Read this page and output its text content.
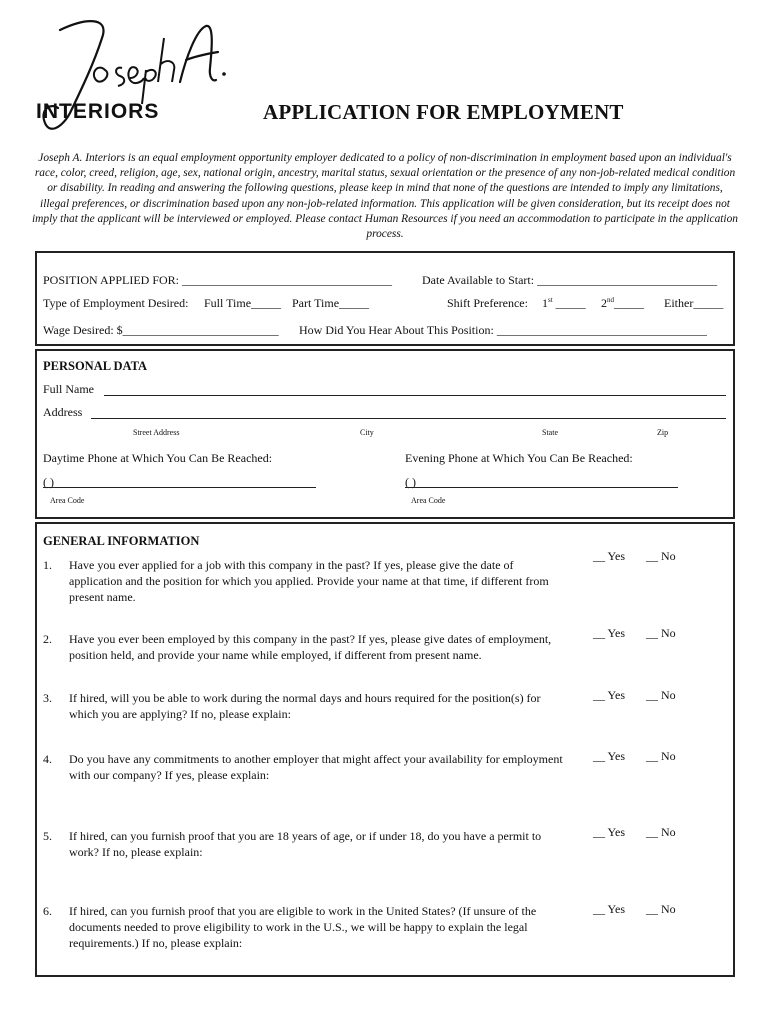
INTERIORS	APPLICATION FOR EMPLOYMENT
Joseph A. Interiors is an equal employment opportunity employer dedicated to a policy of non-discrimination in employment based upon an individual's race, color, creed, religion, age, sex, national origin, ancestry, marital status, sexual orientation or the presence of any non-job-related medical condition or disability. In reading and answering the following questions, please keep in mind that none of the questions are intended to imply any limitations, illegal preferences, or discrimination based upon any non-job-related information. This application will be given consideration, but its receipt does not imply that the applicant will be interviewed or employed. Please contact Human Resources if you need an accommodation to participate in the application process.
POSITION APPLIED FOR: ___________________________________ Date Available to Start: ______________________________
Type of Employment Desired: Full Time_____ Part Time_____	Shift Preference: 1st _____ 2nd_____ Either_____
Wage Desired: $__________________________ How Did You Hear About This Position: ___________________________________
PERSONAL DATA
Full Name
Address
Street Address	City	State	Zip
Daytime Phone at Which You Can Be Reached:	Evening Phone at Which You Can Be Reached:
( )	( )
Area Code	Area Code
GENERAL INFORMATION
1. Have you ever applied for a job with this company in the past? If yes, please give the date of application and the position for which you applied. Provide your name at that time, if different from present name.
__ Yes __ No
2. Have you ever been employed by this company in the past? If yes, please give dates of employment, position held, and provide your name while employed, if different from present name.
__ Yes __ No
3. If hired, will you be able to work during the normal days and hours required for the position(s) for which you are applying? If no, please explain:
__ Yes __ No
4. Do you have any commitments to another employer that might affect your availability for employment with our company? If yes, please explain:
__ Yes __ No
5. If hired, can you furnish proof that you are 18 years of age, or if under 18, do you have a permit to work? If no, please explain:
__ Yes __ No
6. If hired, can you furnish proof that you are eligible to work in the United States? (If unsure of the documents needed to prove eligibility to work in the U.S., we will be happy to explain the legal requirements.) If no, please explain:
__ Yes __ No
